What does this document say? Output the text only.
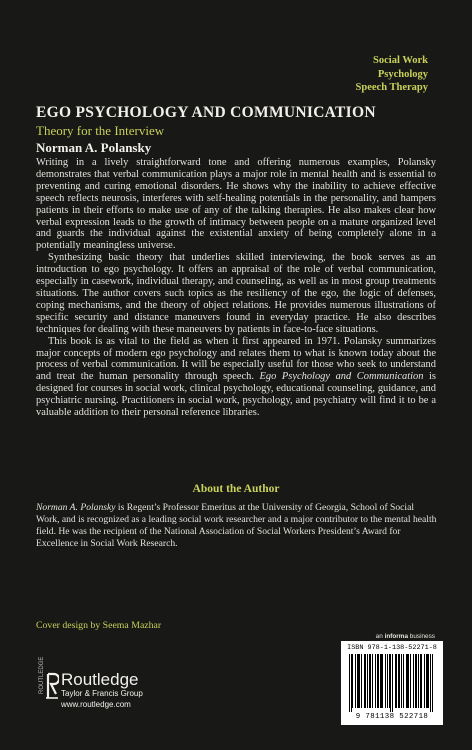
Social Work
Psychology
Speech Therapy
EGO PSYCHOLOGY AND COMMUNICATION
Theory for the Interview
Norman A. Polansky

Writing in a lively straightforward tone and offering numerous examples, Polansky demonstrates that verbal communication plays a major role in mental health and is essential to preventing and curing emotional disorders. He shows why the inability to achieve effective speech reflects neurosis, interferes with self-healing potentials in the personality, and hampers patients in their efforts to make use of any of the talking therapies. He also makes clear how verbal expression leads to the growth of intimacy between people on a mature organized level and guards the individual against the existential anxiety of being completely alone in a potentially meaningless universe.

Synthesizing basic theory that underlies skilled interviewing, the book serves as an introduction to ego psychology. It offers an appraisal of the role of verbal communication, especially in casework, individual therapy, and counseling, as well as in most group treatments situations. The author covers such topics as the resiliency of the ego, the logic of defenses, coping mechanisms, and the theory of object relations. He provides numerous illustrations of specific security and distance maneuvers found in everyday practice. He also describes techniques for dealing with these maneuvers by patients in face-to-face situations.

This book is as vital to the field as when it first appeared in 1971. Polansky summarizes major concepts of modern ego psychology and relates them to what is known today about the process of verbal communication. It will be especially useful for those who seek to understand and treat the human personality through speech. Ego Psychology and Communication is designed for courses in social work, clinical psychology, educational counseling, guidance, and psychiatric nursing. Practitioners in social work, psychology, and psychiatry will find it to be a valuable addition to their personal reference libraries.

About the Author
Norman A. Polansky is Regent’s Professor Emeritus at the University of Georgia, School of Social Work, and is recognized as a leading social work researcher and a major contributor to the mental health field. He was the recipient of the National Association of Social Workers President’s Award for Excellence in Social Work Research.
Cover design by Seema Mazhar
an informa business
ISBN 978-1-138-52271-8
9 781138 522718
Routledge
Taylor & Francis Group
www.routledge.com
ROUTLEDGE
